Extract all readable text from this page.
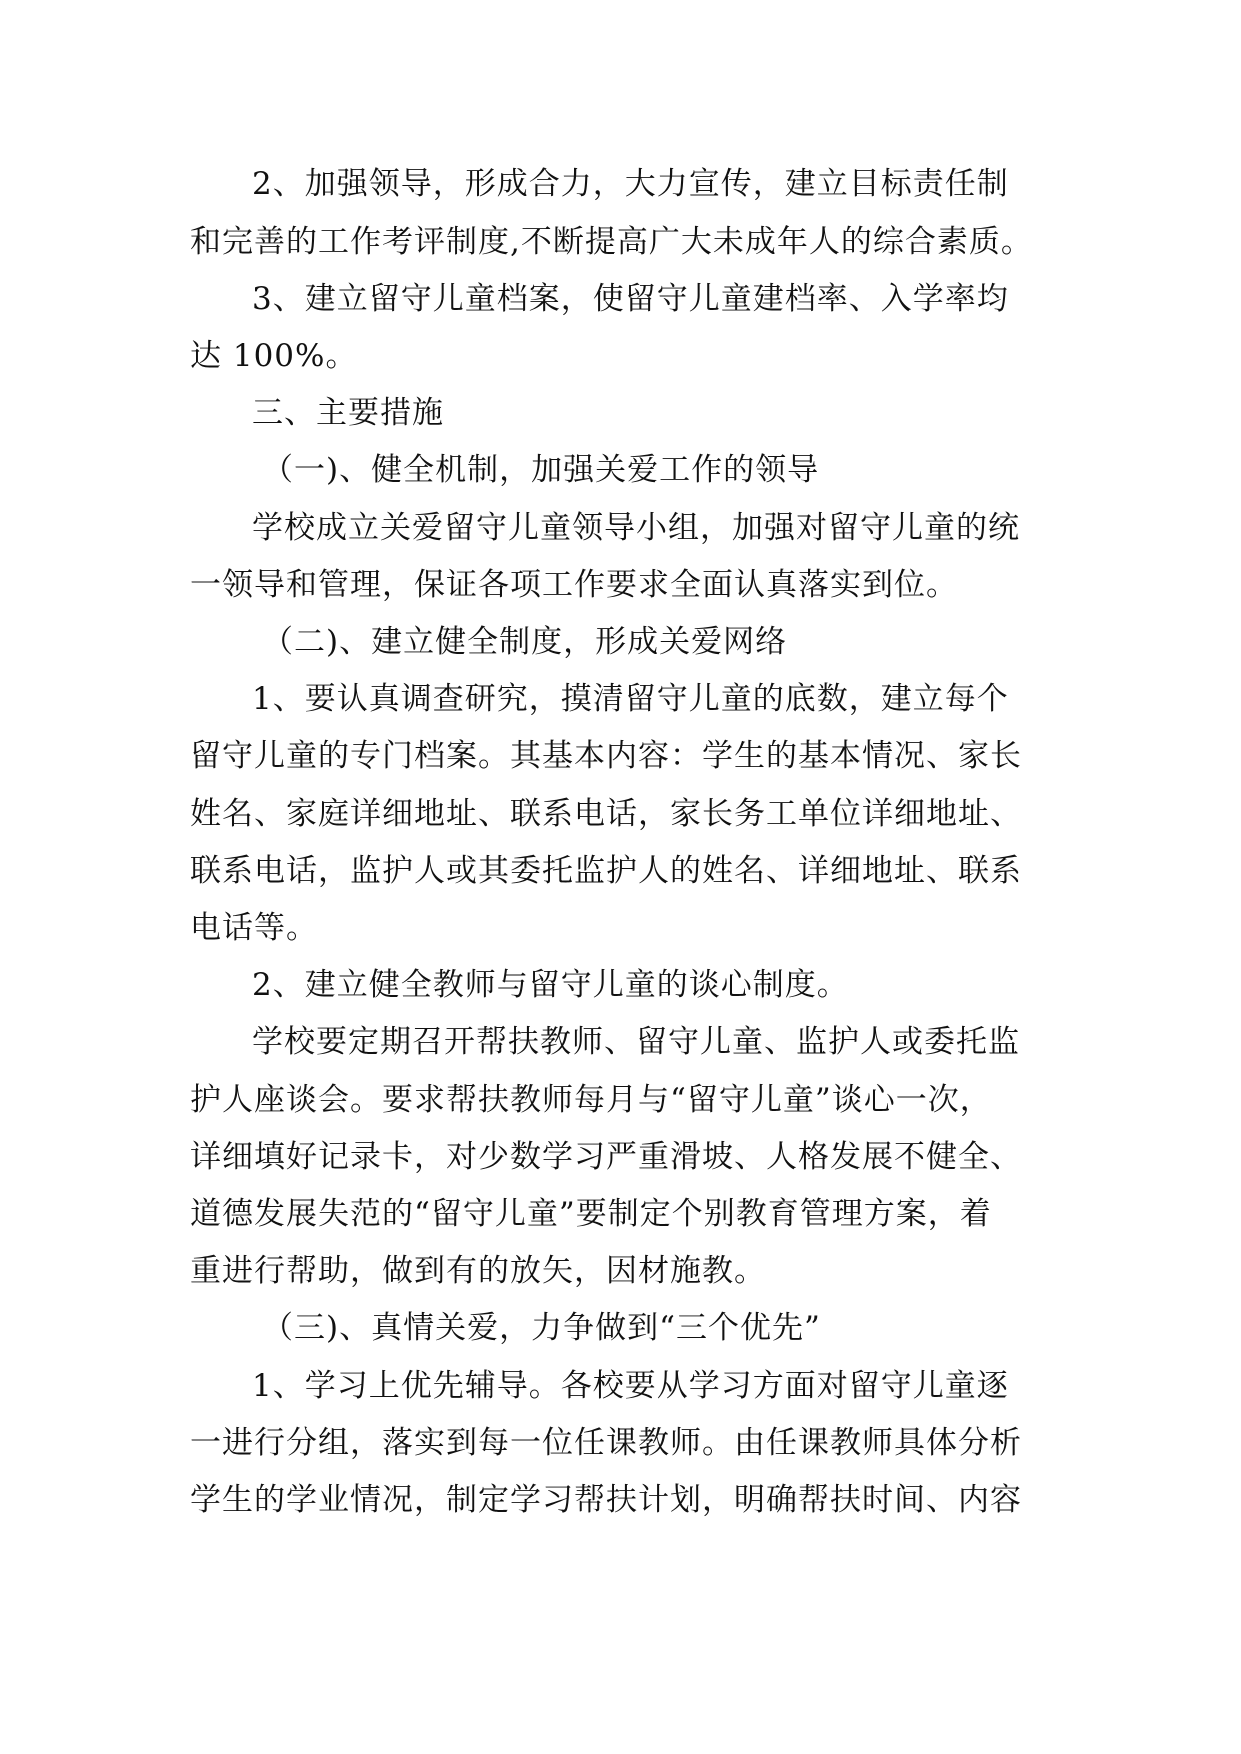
2、加强领导，形成合力，大力宣传，建立目标责任制
和完善的工作考评制度,不断提高广大未成年人的综合素质。
3、建立留守儿童档案，使留守儿童建档率、入学率均
达 100%。
三、主要措施
（一)、健全机制，加强关爱工作的领导
学校成立关爱留守儿童领导小组，加强对留守儿童的统
一领导和管理，保证各项工作要求全面认真落实到位。
（二)、建立健全制度，形成关爱网络
1、要认真调查研究，摸清留守儿童的底数，建立每个
留守儿童的专门档案。其基本内容：学生的基本情况、家长
姓名、家庭详细地址、联系电话，家长务工单位详细地址、
联系电话，监护人或其委托监护人的姓名、详细地址、联系
电话等。
2、建立健全教师与留守儿童的谈心制度。
学校要定期召开帮扶教师、留守儿童、监护人或委托监
护人座谈会。要求帮扶教师每月与“留守儿童”谈心一次，
详细填好记录卡，对少数学习严重滑坡、人格发展不健全、
道德发展失范的“留守儿童”要制定个别教育管理方案，着
重进行帮助，做到有的放矢，因材施教。
（三)、真情关爱，力争做到“三个优先”
1、学习上优先辅导。各校要从学习方面对留守儿童逐
一进行分组，落实到每一位任课教师。由任课教师具体分析
学生的学业情况，制定学习帮扶计划，明确帮扶时间、内容
